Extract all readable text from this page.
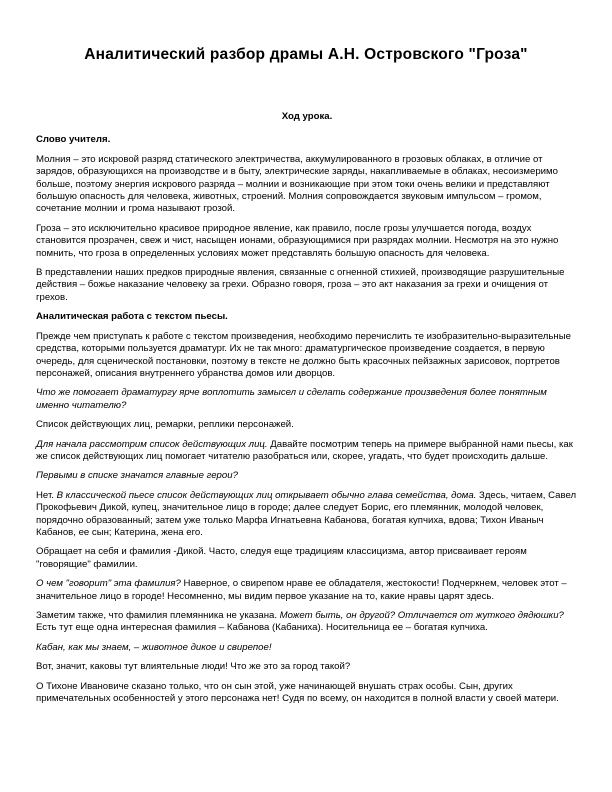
Аналитический разбор драмы А.Н. Островского "Гроза"

Ход урока.

Слово учителя.

Молния – это искровой разряд статического электричества, аккумулированного в грозовых облаках, в отличие от зарядов, образующихся на производстве и в быту, электрические заряды, накапливаемые в облаках, несоизмеримо больше, поэтому энергия искрового разряда – молнии и возникающие при этом токи очень велики и представляют большую опасность для человека, животных, строений. Молния сопровождается звуковым импульсом – громом, сочетание молнии и грома называют грозой.

Гроза – это исключительно красивое природное явление, как правило, после грозы улучшается погода, воздух становится прозрачен, свеж и чист, насыщен ионами, образующимися при разрядах молнии. Несмотря на это нужно помнить, что гроза в определенных условиях может представлять большую опасность для человека.

В представлении наших предков природные явления, связанные с огненной стихией, производящие разрушительные действия – божье наказание человеку за грехи. Образно говоря, гроза – это акт наказания за грехи и очищения от грехов.

Аналитическая работа с текстом пьесы.

Прежде чем приступать к работе с текстом произведения, необходимо перечислить те изобразительно-выразительные средства, которыми пользуется драматург. Их не так много: драматургическое произведение создается, в первую очередь, для сценической постановки, поэтому в тексте не должно быть красочных пейзажных зарисовок, портретов персонажей, описания внутреннего убранства домов или дворцов.

Что же помогает драматургу ярче воплотить замысел и сделать содержание произведения более понятным именно читателю?

Список действующих лиц, ремарки, реплики персонажей.

Для начала рассмотрим список действующих лиц. Давайте посмотрим теперь на примере выбранной нами пьесы, как же список действующих лиц помогает читателю разобраться или, скорее, угадать, что будет происходить дальше.

Первыми в списке значатся главные герои?

Нет. В классической пьесе список действующих лиц открывает обычно глава семейства, дома. Здесь, читаем, Савел Прокофьевич Дикой, купец, значительное лицо в городе; далее следует Борис, его племянник, молодой человек, порядочно образованный; затем уже только Марфа Игнатьевна Кабанова, богатая купчиха, вдова; Тихон Иваныч Кабанов, ее сын; Катерина, жена его.

Обращает на себя и фамилия -Дикой. Часто, следуя еще традициям классицизма, автор присваивает героям "говорящие" фамилии.

О чем "говорит" эта фамилия? Наверное, о свирепом нраве ее обладателя, жестокости! Подчеркнем, человек этот – значительное лицо в городе! Несомненно, мы видим первое указание на то, какие нравы царят здесь.

Заметим также, что фамилия племянника не указана. Может быть, он другой? Отличается от жуткого дядюшки? Есть тут еще одна интересная фамилия – Кабанова (Кабаниха). Носительница ее – богатая купчиха.

Кабан, как мы знаем, – животное дикое и свирепое!

Вот, значит, каковы тут влиятельные люди! Что же это за город такой?

О Тихоне Ивановиче сказано только, что он сын этой, уже начинающей внушать страх особы. Сын, других примечательных особенностей у этого персонажа нет! Судя по всему, он находится в полной власти у своей матери.
